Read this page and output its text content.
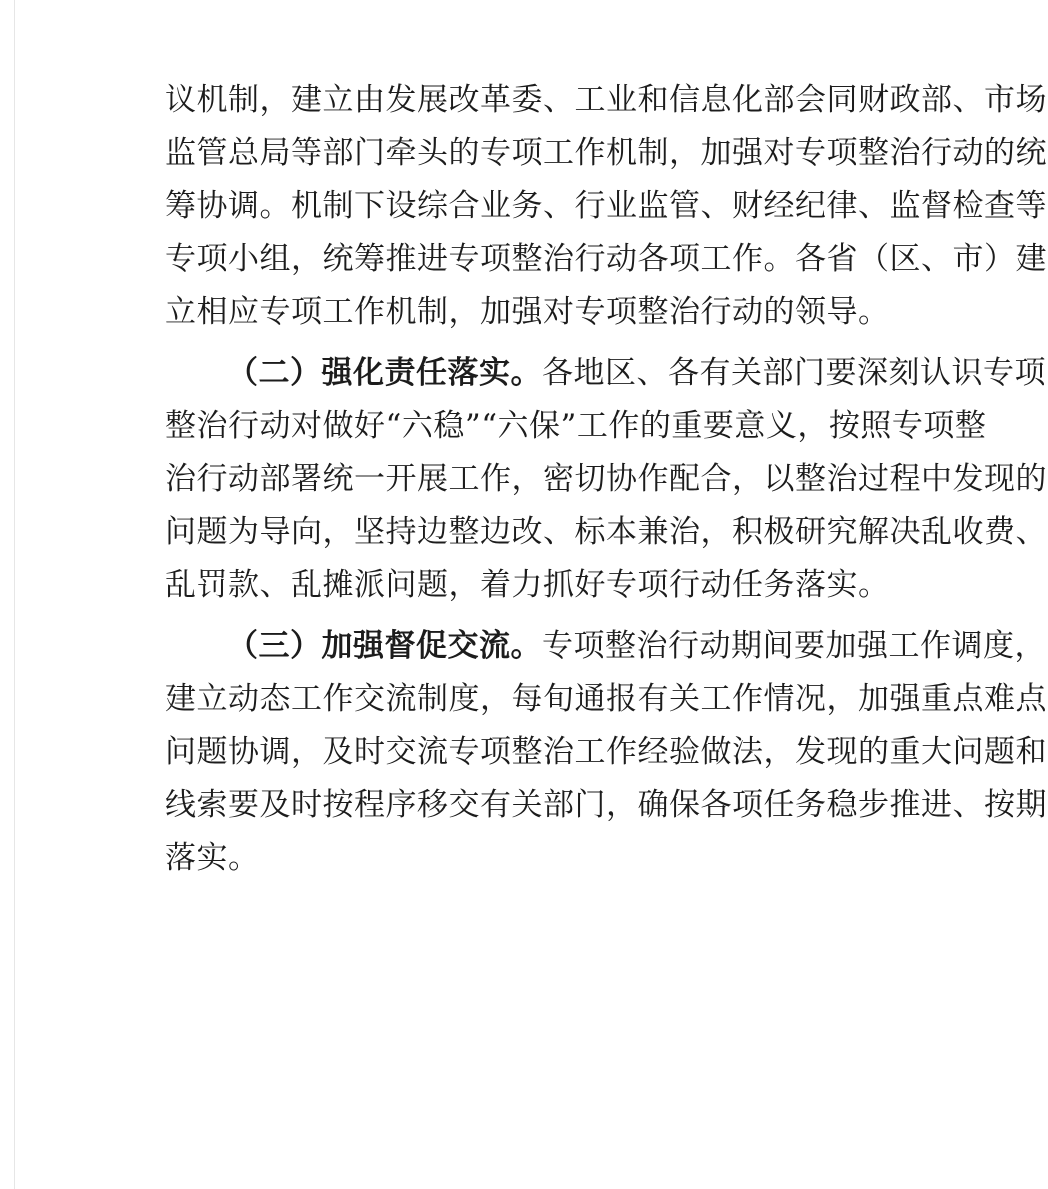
议机制，建立由发展改革委、工业和信息化部会同财政部、市场
监管总局等部门牵头的专项工作机制，加强对专项整治行动的统
筹协调。机制下设综合业务、行业监管、财经纪律、监督检查等
专项小组，统筹推进专项整治行动各项工作。各省（区、市）建
立相应专项工作机制，加强对专项整治行动的领导。
（二）强化责任落实。各地区、各有关部门要深刻认识专项
整治行动对做好“六稳”“六保”工作的重要意义，按照专项整
治行动部署统一开展工作，密切协作配合，以整治过程中发现的
问题为导向，坚持边整边改、标本兼治，积极研究解决乱收费、
乱罚款、乱摊派问题，着力抓好专项行动任务落实。
（三）加强督促交流。专项整治行动期间要加强工作调度，
建立动态工作交流制度，每旬通报有关工作情况，加强重点难点
问题协调，及时交流专项整治工作经验做法，发现的重大问题和
线索要及时按程序移交有关部门，确保各项任务稳步推进、按期
落实。
